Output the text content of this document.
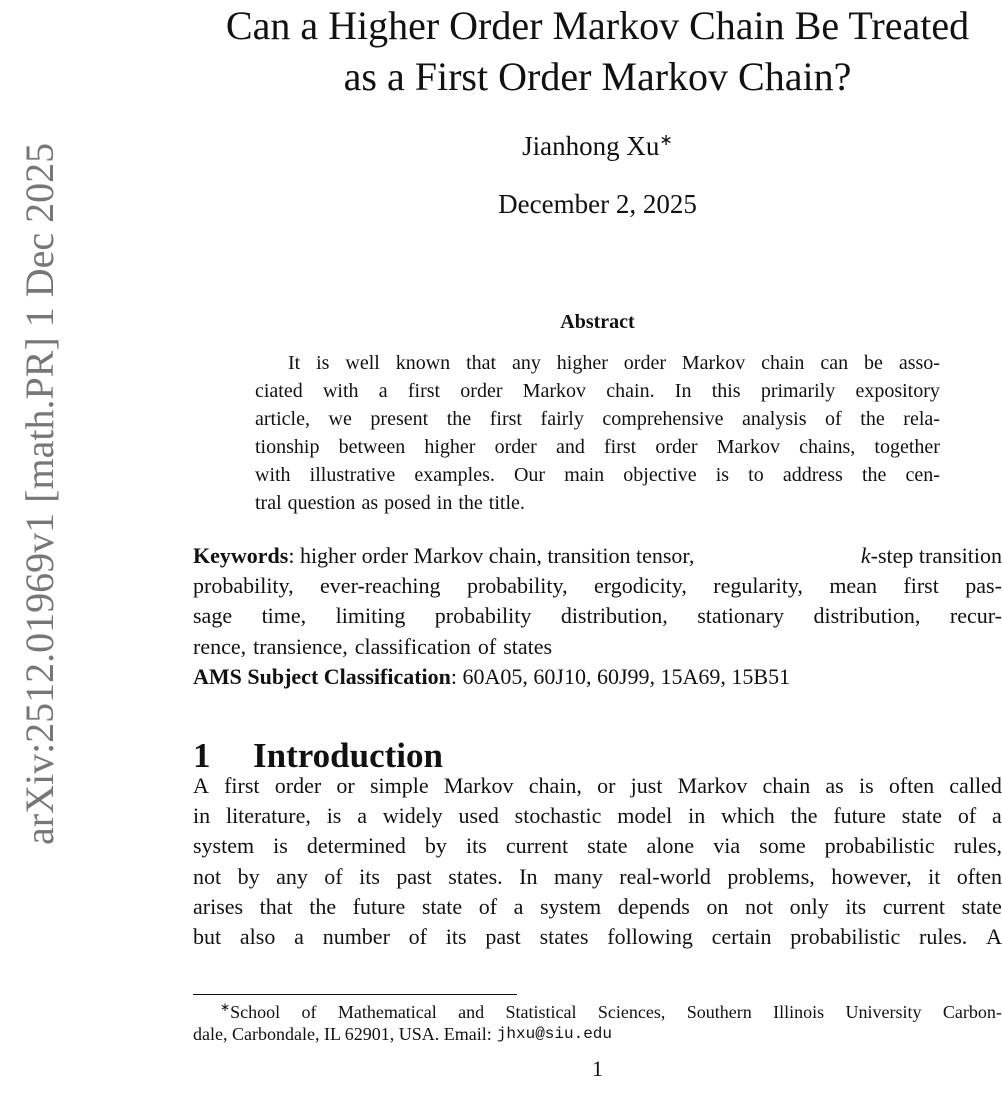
arXiv:2512.01969v1 [math.PR] 1 Dec 2025
Can a Higher Order Markov Chain Be Treated
as a First Order Markov Chain?
Jianhong Xu∗
December 2, 2025
Abstract
It is well known that any higher order Markov chain can be asso-
ciated with a first order Markov chain. In this primarily expository
article, we present the first fairly comprehensive analysis of the rela-
tionship between higher order and first order Markov chains, together
with illustrative examples. Our main objective is to address the cen-
tral question as posed in the title.
Keywords: higher order Markov chain, transition tensor,	k-step transition
probability, ever-reaching probability, ergodicity, regularity, mean first pas-
sage time, limiting probability distribution, stationary distribution, recur-
rence, transience, classification of states
AMS Subject Classification: 60A05, 60J10, 60J99, 15A69, 15B51
1 Introduction
A first order or simple Markov chain, or just Markov chain as is often called
in literature, is a widely used stochastic model in which the future state of a
system is determined by its current state alone via some probabilistic rules,
not by any of its past states. In many real-world problems, however, it often
arises that the future state of a system depends on not only its current state
but also a number of its past states following certain probabilistic rules. A
∗School of Mathematical and Statistical Sciences, Southern Illinois University Carbon-
dale, Carbondale, IL 62901, USA. Email: jhxu@siu.edu
1
